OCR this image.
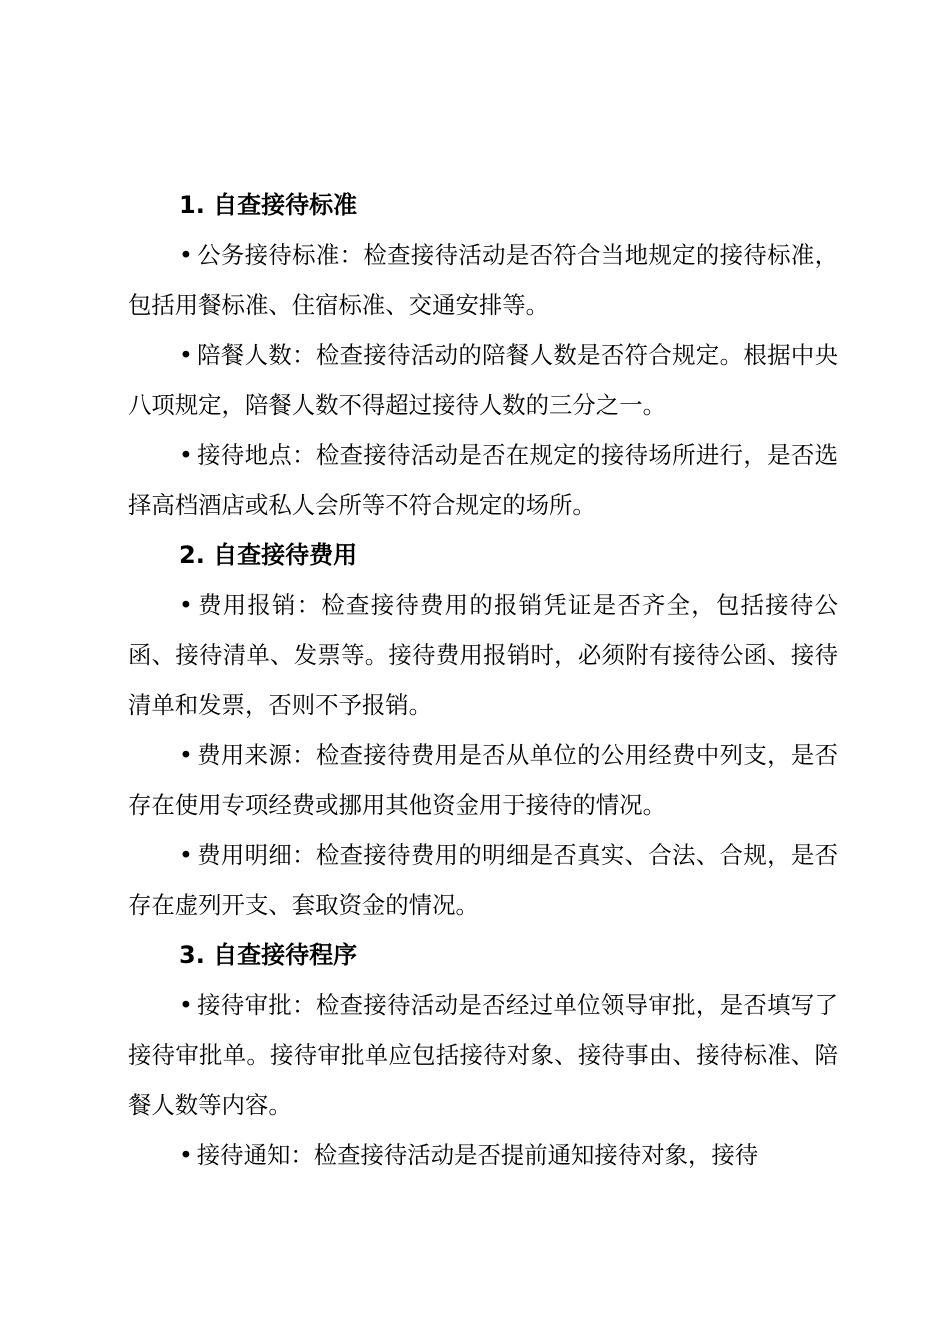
1. 自查接待标准

• 公务接待标准：检查接待活动是否符合当地规定的接待标准，包括用餐标准、住宿标准、交通安排等。

• 陪餐人数：检查接待活动的陪餐人数是否符合规定。根据中央八项规定，陪餐人数不得超过接待人数的三分之一。

• 接待地点：检查接待活动是否在规定的接待场所进行，是否选择高档酒店或私人会所等不符合规定的场所。

2. 自查接待费用

• 费用报销：检查接待费用的报销凭证是否齐全，包括接待公函、接待清单、发票等。接待费用报销时，必须附有接待公函、接待清单和发票，否则不予报销。

• 费用来源：检查接待费用是否从单位的公用经费中列支，是否存在使用专项经费或挪用其他资金用于接待的情况。

• 费用明细：检查接待费用的明细是否真实、合法、合规，是否存在虚列开支、套取资金的情况。

3. 自查接待程序

• 接待审批：检查接待活动是否经过单位领导审批，是否填写了接待审批单。接待审批单应包括接待对象、接待事由、接待标准、陪餐人数等内容。

• 接待通知：检查接待活动是否提前通知接待对象，接待
